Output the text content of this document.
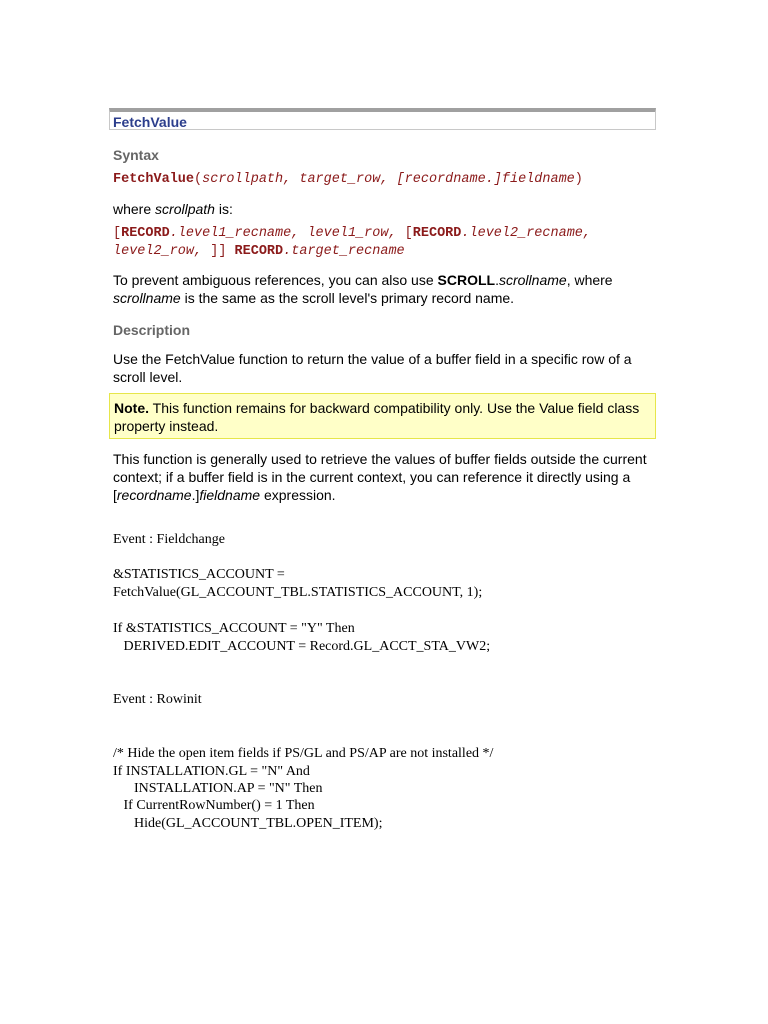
FetchValue
Syntax
FetchValue(scrollpath, target_row, [recordname.]fieldname)
where scrollpath is:
[RECORD.level1_recname, level1_row, [RECORD.level2_recname,
level2_row, ]] RECORD.target_recname
To prevent ambiguous references, you can also use SCROLL.scrollname, where
scrollname is the same as the scroll level's primary record name.
Description
Use the FetchValue function to return the value of a buffer field in a specific row of a scroll level.
Note. This function remains for backward compatibility only. Use the Value field class property instead.
This function is generally used to retrieve the values of buffer fields outside the current context; if a buffer field is in the current context, you can reference it directly using a [recordname.]fieldname expression.
Event : Fieldchange
&STATISTICS_ACCOUNT =
FetchValue(GL_ACCOUNT_TBL.STATISTICS_ACCOUNT, 1);
If &STATISTICS_ACCOUNT = "Y" Then
DERIVED.EDIT_ACCOUNT = Record.GL_ACCT_STA_VW2;
Event : Rowinit
/* Hide the open item fields if PS/GL and PS/AP are not installed */
If INSTALLATION.GL = "N" And
INSTALLATION.AP = "N" Then
If CurrentRowNumber() = 1 Then
Hide(GL_ACCOUNT_TBL.OPEN_ITEM);
